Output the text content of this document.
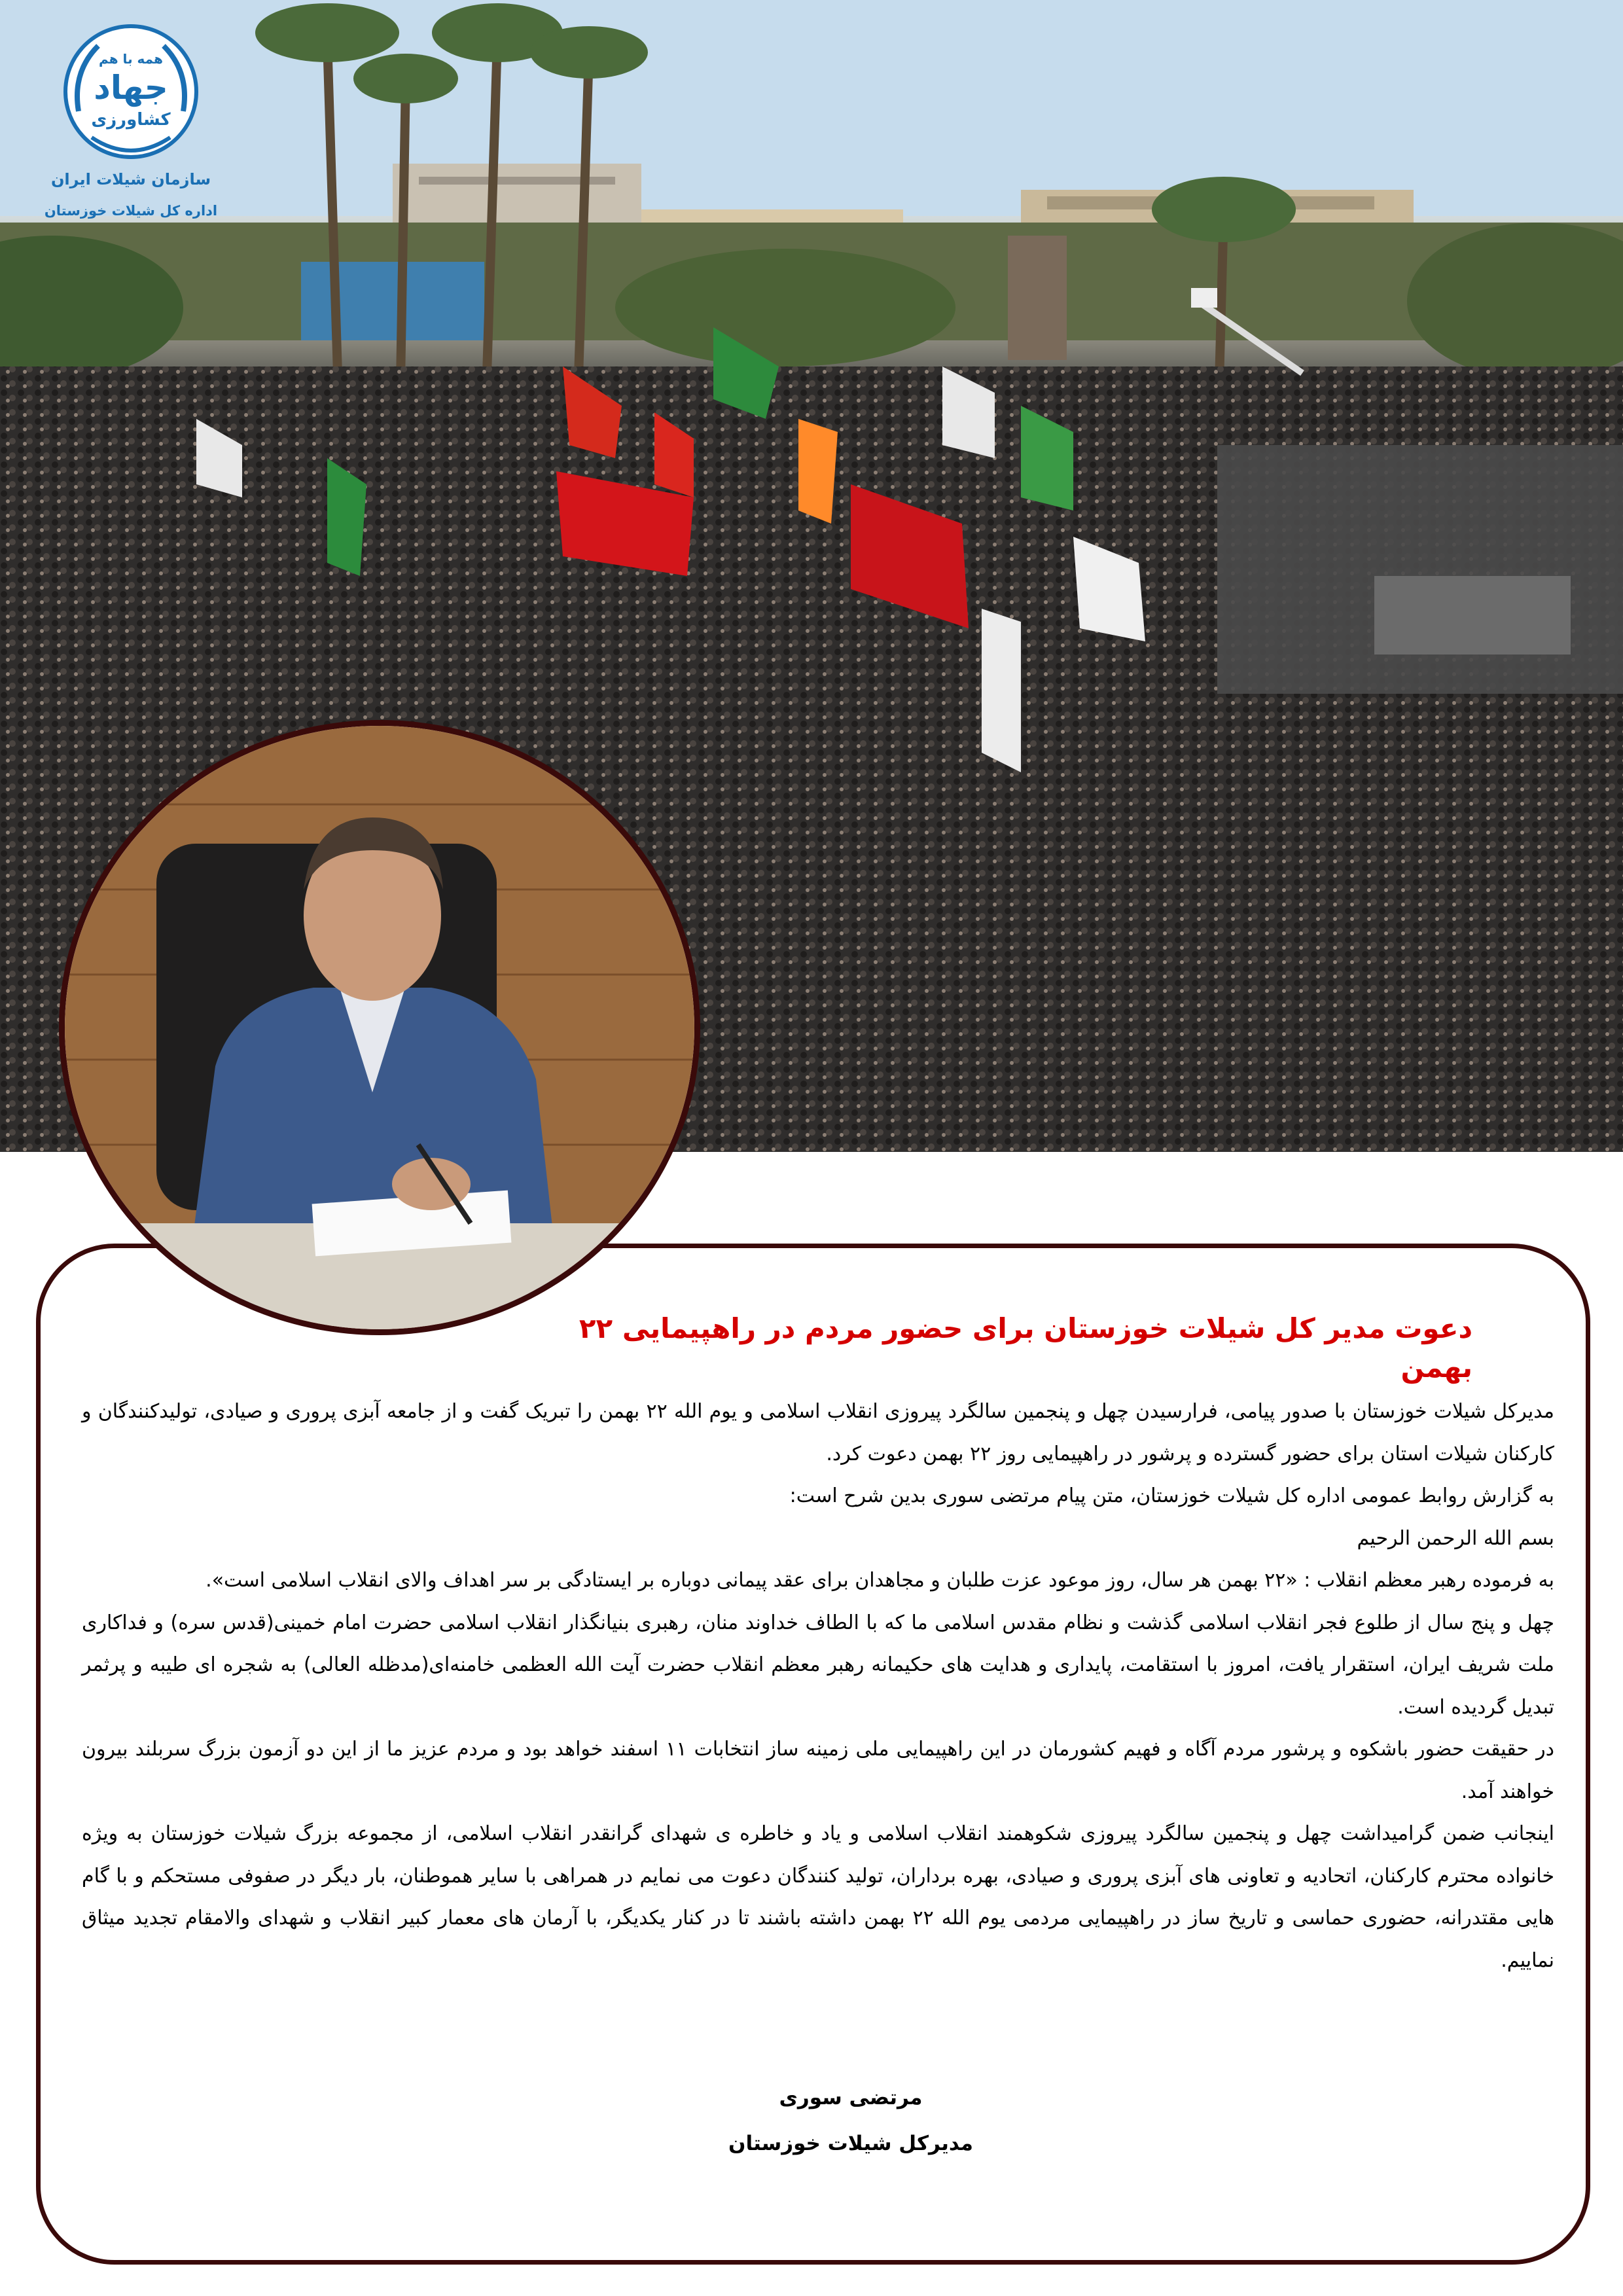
همه با هم
جهاد
کشاورزی
سازمان شیلات ایران
اداره کل شیلات خوزستان
دعوت مدیر کل شیلات خوزستان برای حضور مردم در راهپیمایی ۲۲ بهمن

مدیرکل شیلات خوزستان با صدور پیامی، فرارسیدن چهل و پنجمین سالگرد پیروزی انقلاب اسلامی و یوم الله ۲۲ بهمن را تبریک گفت و از جامعه آبزی پروری و صیادی، تولیدکنندگان و کارکنان شیلات استان برای حضور گسترده و پرشور در راهپیمایی روز ۲۲ بهمن دعوت کرد.

به گزارش روابط عمومی اداره کل شیلات خوزستان، متن پیام مرتضی سوری بدین شرح است:

بسم الله الرحمن الرحیم

به فرموده رهبر معظم انقلاب : «۲۲ بهمن هر سال، روز موعود عزت طلبان و مجاهدان برای عقد پیمانی دوباره بر ایستادگی بر سر اهداف والای انقلاب اسلامی است».

چهل و پنج سال از طلوع فجر انقلاب اسلامی گذشت و نظام مقدس اسلامی ما که با الطاف خداوند منان، رهبری بنیانگذار انقلاب اسلامی حضرت امام خمینی(قدس سره) و فداکاری ملت شریف ایران، استقرار یافت، امروز با استقامت، پایداری و هدایت های حکیمانه رهبر معظم انقلاب حضرت آیت الله العظمی خامنه‌ای(مدظله العالی) به شجره ای طیبه و پرثمر تبدیل گردیده است.

در حقیقت حضور باشکوه و پرشور مردم آگاه و فهیم کشورمان در این راهپیمایی ملی زمینه ساز انتخابات ۱۱ اسفند خواهد بود و مردم عزیز ما از این دو آزمون بزرگ سربلند بیرون خواهند آمد.

اینجانب ضمن گرامیداشت چهل و پنجمین سالگرد پیروزی شکوهمند انقلاب اسلامی و یاد و خاطره ی شهدای گرانقدر انقلاب اسلامی، از مجموعه بزرگ شیلات خوزستان به ویژه خانواده محترم کارکنان، اتحادیه و تعاونی های آبزی پروری و صیادی، بهره برداران، تولید کنندگان دعوت می نمایم در همراهی با سایر هموطنان، بار دیگر در صفوفی مستحکم و با گام هایی مقتدرانه، حضوری حماسی و تاریخ ساز در راهپیمایی مردمی یوم الله ۲۲ بهمن داشته باشند تا در کنار یکدیگر، با آرمان های معمار کبیر انقلاب و شهدای والامقام تجدید میثاق نماییم.

مرتضی سوری
مدیرکل شیلات خوزستان
